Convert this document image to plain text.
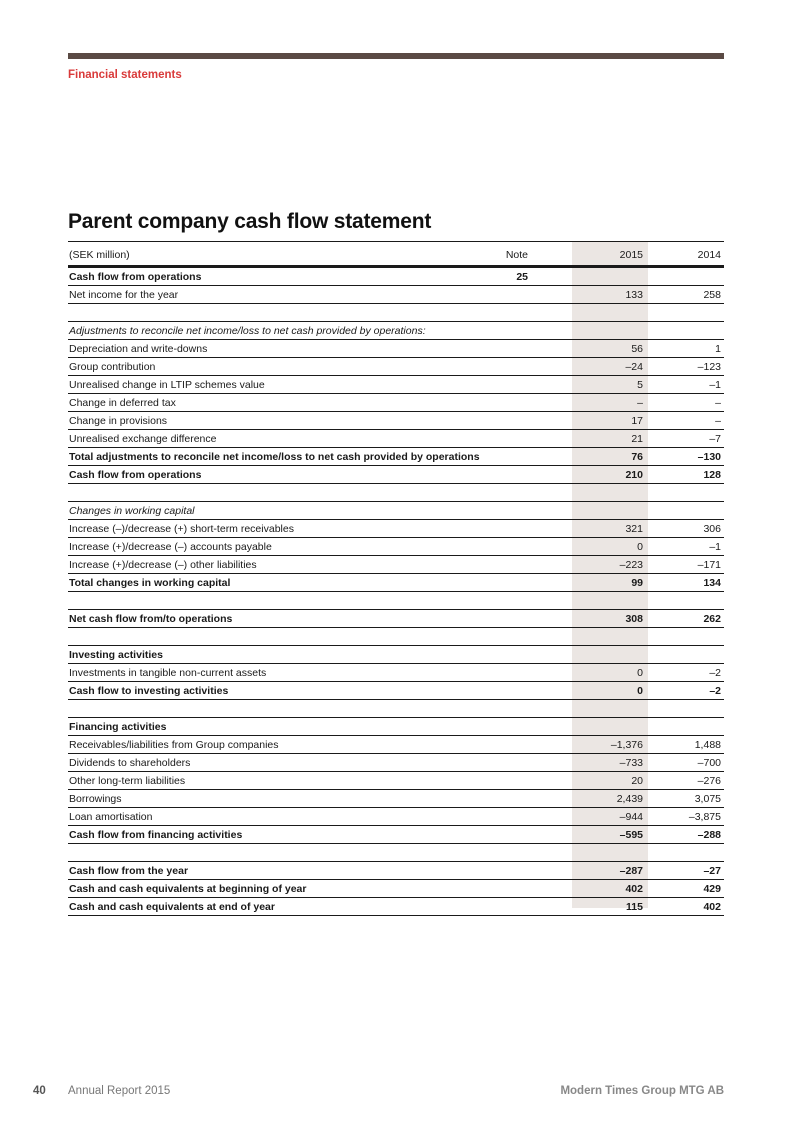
Financial statements
Parent company cash flow statement
(SEK million)	Note	2015	2014
Cash flow from operations	25
Net income for the year	133	258
Adjustments to reconcile net income/loss to net cash provided by operations:
Depreciation and write-downs	56	1
Group contribution	–24	–123
Unrealised change in LTIP schemes value	5	–1
Change in deferred tax	–	–
Change in provisions	17	–
Unrealised exchange difference	21	–7
Total adjustments to reconcile net income/loss to net cash provided by operations	76	–130
Cash flow from operations	210	128
Changes in working capital
Increase (–)/decrease (+) short-term receivables	321	306
Increase (+)/decrease (–) accounts payable	0	–1
Increase (+)/decrease (–) other liabilities	–223	–171
Total changes in working capital	99	134
Net cash flow from/to operations	308	262
Investing activities
Investments in tangible non-current assets	0	–2
Cash flow to investing activities	0	–2
Financing activities
Receivables/liabilities from Group companies	–1,376	1,488
Dividends to shareholders	–733	–700
Other long-term liabilities	20	–276
Borrowings	2,439	3,075
Loan amortisation	–944	–3,875
Cash flow from financing activities	–595	–288
Cash flow from the year	–287	–27
Cash and cash equivalents at beginning of year	402	429
Cash and cash equivalents at end of year	115	402
40 Annual Report 2015	Modern Times Group MTG AB
